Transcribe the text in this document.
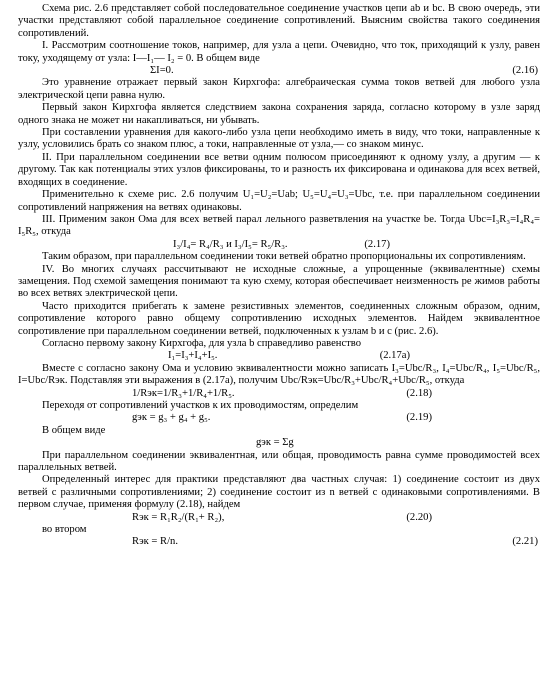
Схема рис. 2.6 представляет собой последовательное соединение участков цепи ab и bc. В свою очередь, эти участки представляют собой параллельное соединение сопротивлений. Выясним свойства такого соединения сопротивлений.

I. Рассмотрим соотношение токов, например, для узла a цепи. Очевидно, что ток, приходящий к узлу, равен току, уходящему от узла: I—I₁— I₂ = 0. В общем виде

ΣI=0.	(2.16)

Это уравнение отражает первый закон Кирхгофа: алгебраическая сумма токов ветвей для любого узла электрической цепи равна нулю.

Первый закон Кирхгофа является следствием закона сохранения заряда, согласно которому в узле заряд одного знака не может ни накапливаться, ни убывать.

При составлении уравнения для какого-либо узла цепи необходимо иметь в виду, что токи, направленные к узлу, условились брать со знаком плюс, а токи, направленные от узла,— со знаком минус.

II. При параллельном соединении все ветви одним полюсом присоединяют к одному узлу, а другим — к другому. Так как потенциалы этих узлов фиксированы, то и разность их фиксирована и одинакова для всех ветвей, входящих в соединение.

Применительно к схеме рис. 2.6 получим U₁=U₂=Uab; U₅=U₄=U₃=Ubc, т.е. при параллельном соединении сопротивлений напряжения на ветвях одинаковы.

III. Применим закон Ома для всех ветвей парал лельного разветвления на участке be. Тогда Ubc=I₃R₃=I₄R₄= I₅R₅, откуда

I₃/I₄= R₄/R₃ и I₃/I₅= R₅/R₃.	(2.17)

Таким образом, при параллельном соединении токи ветвей обратно пропорциональны их сопротивлениям.

IV. Во многих случаях рассчитывают не исходные сложные, а упрощенные (эквивалентные) схемы замещения. Под схемой замещения понимают та кую схему, которая обеспечивает неизменность ре жимов работы во всех ветвях электрической цепи.

Часто приходится прибегать к замене резистивных элементов, соединенных сложным образом, одним, сопротивление которого равно общему сопротивлению исходных элементов. Найдем эквивалентное сопротивление при параллельном соединении ветвей, подключенных к узлам b и c (рис. 2.6).

Согласно первому закону Кирхгофа, для узла b справедливо равенство

I₁=I₃+I₄+I₅.	(2.17а)

Вместе с согласно закону Ома и условию эквивалентности можно записать I₃=Ubc/R₃, I₄=Ubc/R₄, I₅=Ubc/R₅, I=Ubc/Rэк. Подставляя эти выражения в (2.17а), получим Ubc/Rэк=Ubc/R₃+Ubc/R₄+Ubc/R₅, откуда

1/Rэк=1/R₃+1/R₄+1/R₅.	(2.18)

Переходя от сопротивлений участков к их проводимостям, определим

gэк = g₃ + g₄ + g₅.	(2.19)

В общем виде

gэк = Σg

При параллельном соединении эквивалентная, или общая, проводимость равна сумме проводимостей всех параллельных ветвей.

Определенный интерес для практики представляют два частных случая: 1) соединение состоит из двух ветвей с различными сопротивлениями; 2) соединение состоит из n ветвей с одинаковыми сопротивлениями. В первом случае, применяя формулу (2.18), найдем

Rэк = R₁R₂/(R₁+ R₂),	(2.20)

во втором

Rэк = R/n.	(2.21)
